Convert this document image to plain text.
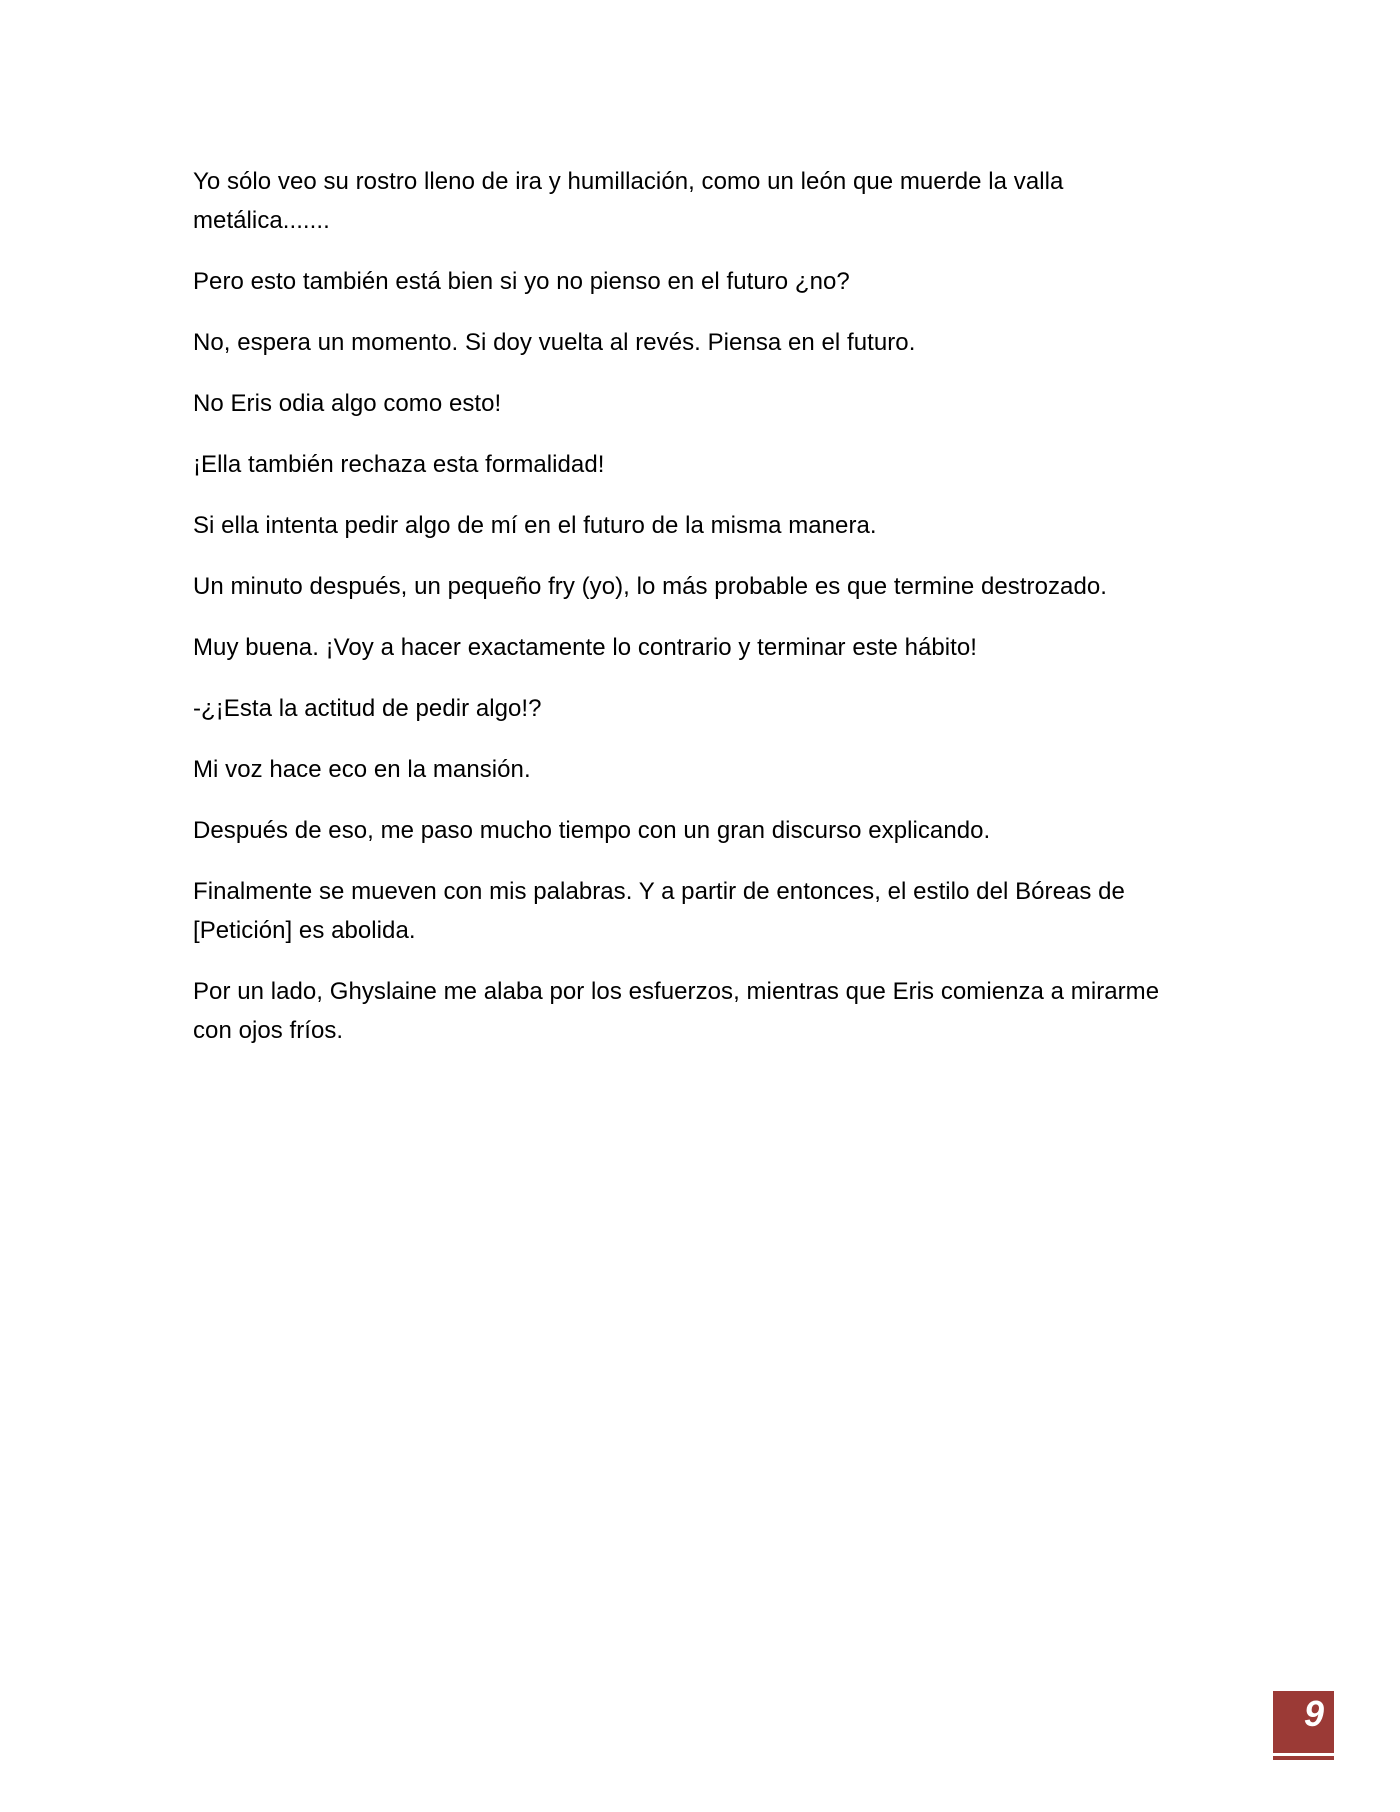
Yo sólo veo su rostro lleno de ira y humillación, como un león que muerde la valla metálica.......

Pero esto también está bien si yo no pienso en el futuro ¿no?

No, espera un momento. Si doy vuelta al revés. Piensa en el futuro.

No Eris odia algo como esto!

¡Ella también rechaza esta formalidad!

Si ella intenta pedir algo de mí en el futuro de la misma manera.

Un minuto después, un pequeño fry (yo), lo más probable es que termine destrozado.

Muy buena. ¡Voy a hacer exactamente lo contrario y terminar este hábito!

-¿¡Esta la actitud de pedir algo!?

Mi voz hace eco en la mansión.

Después de eso, me paso mucho tiempo con un gran discurso explicando.

Finalmente se mueven con mis palabras. Y a partir de entonces, el estilo del Bóreas de [Petición] es abolida.

Por un lado, Ghyslaine me alaba por los esfuerzos, mientras que Eris comienza a mirarme con ojos fríos.

9
